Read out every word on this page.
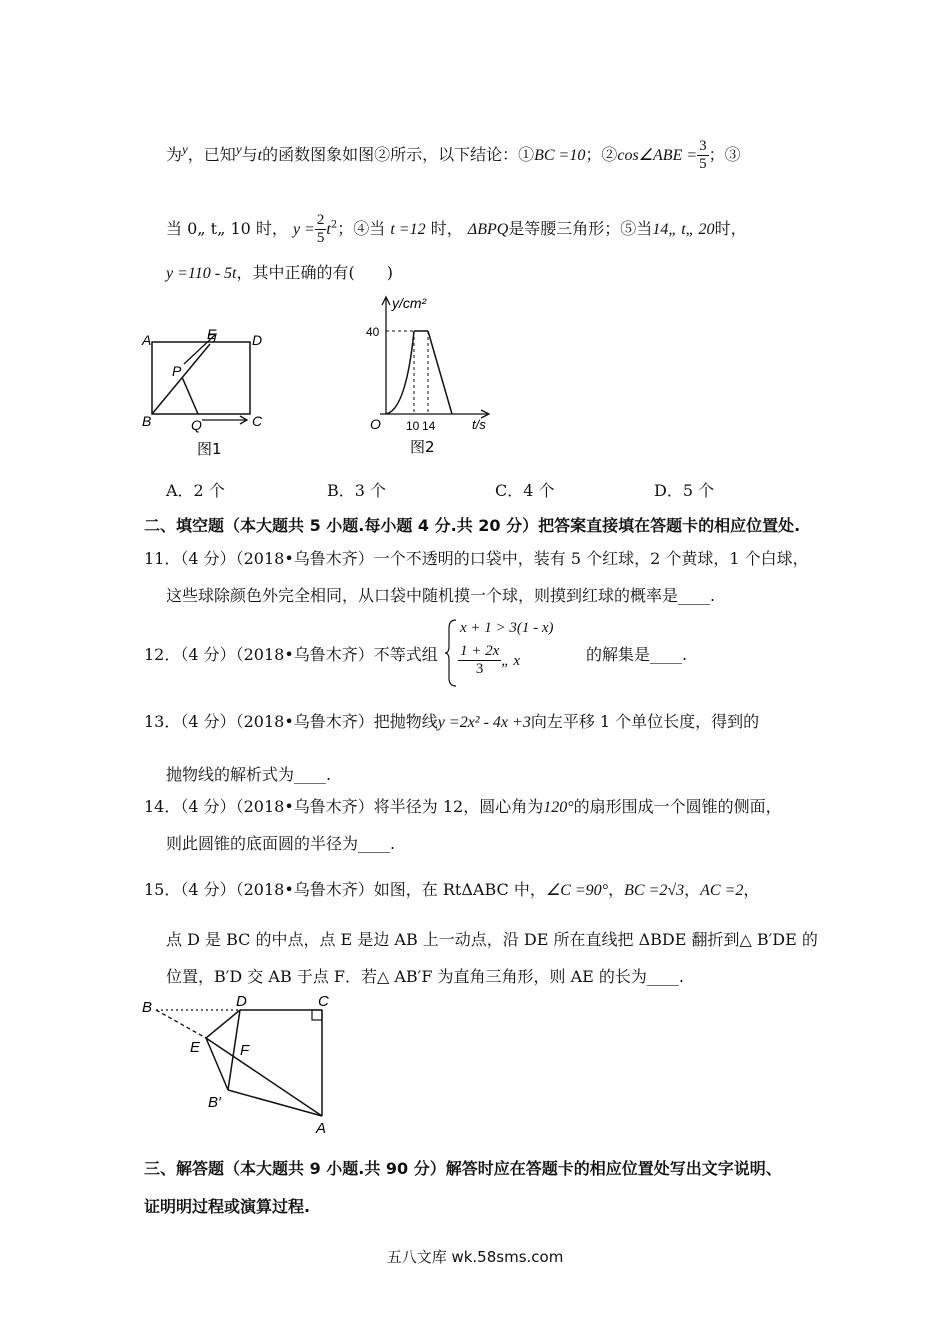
为$^y$，已知$^y$与t的函数图象如图②所示，以下结论：①BC =10；②cos∠ABE = $\frac{3}{5}$ ；③
当 0„ t„ 10 时， $y = \frac{2}{5} t^2$；④当 t =12 时， ΔBPQ是等腰三角形；⑤当14„ t„ 20时，
y =110 - 5t，其中正确的有(　　)
A	D
E
P
B	Q	C
图1
y/cm²
40
O 10 14	t/s
图2
A．2 个	B．3 个	C．4 个	D．5 个
二、填空题（本大题共 5 小题.每小题 4 分.共 20 分）把答案直接填在答题卡的相应位置处.
11．（4 分）（2018•乌鲁木齐）一个不透明的口袋中，装有 5 个红球，2 个黄球，1 个白球，
这些球除颜色外完全相同，从口袋中随机摸一个球，则摸到红球的概率是____.
12．（4 分）（2018•乌鲁木齐）不等式组
x + 1 > 3(1 - x)
$\frac{1 + 2x}{3}$ „ x	的解集是____.
13．（4 分）（2018•乌鲁木齐）把抛物线y =2x² - 4x +3向左平移 1 个单位长度，得到的
抛物线的解析式为____.
14．（4 分）（2018•乌鲁木齐）将半径为 12，圆心角为120°的扇形围成一个圆锥的侧面，
则此圆锥的底面圆的半径为____.
15．（4 分）（2018•乌鲁木齐）如图，在 RtΔABC 中，∠C =90°，BC =2√3，AC =2，
点 D 是 BC 的中点，点 E 是边 AB 上一动点，沿 DE 所在直线把 ΔBDE 翻折到△ B′DE 的
位置，B′D 交 AB 于点 F．若△ AB′F 为直角三角形，则 AE 的长为____.
B	D	C
E	F
B′
A
三、解答题（本大题共 9 小题.共 90 分）解答时应在答题卡的相应位置处写出文字说明、
证明明过程或演算过程.
五八文库 wk.58sms.com
